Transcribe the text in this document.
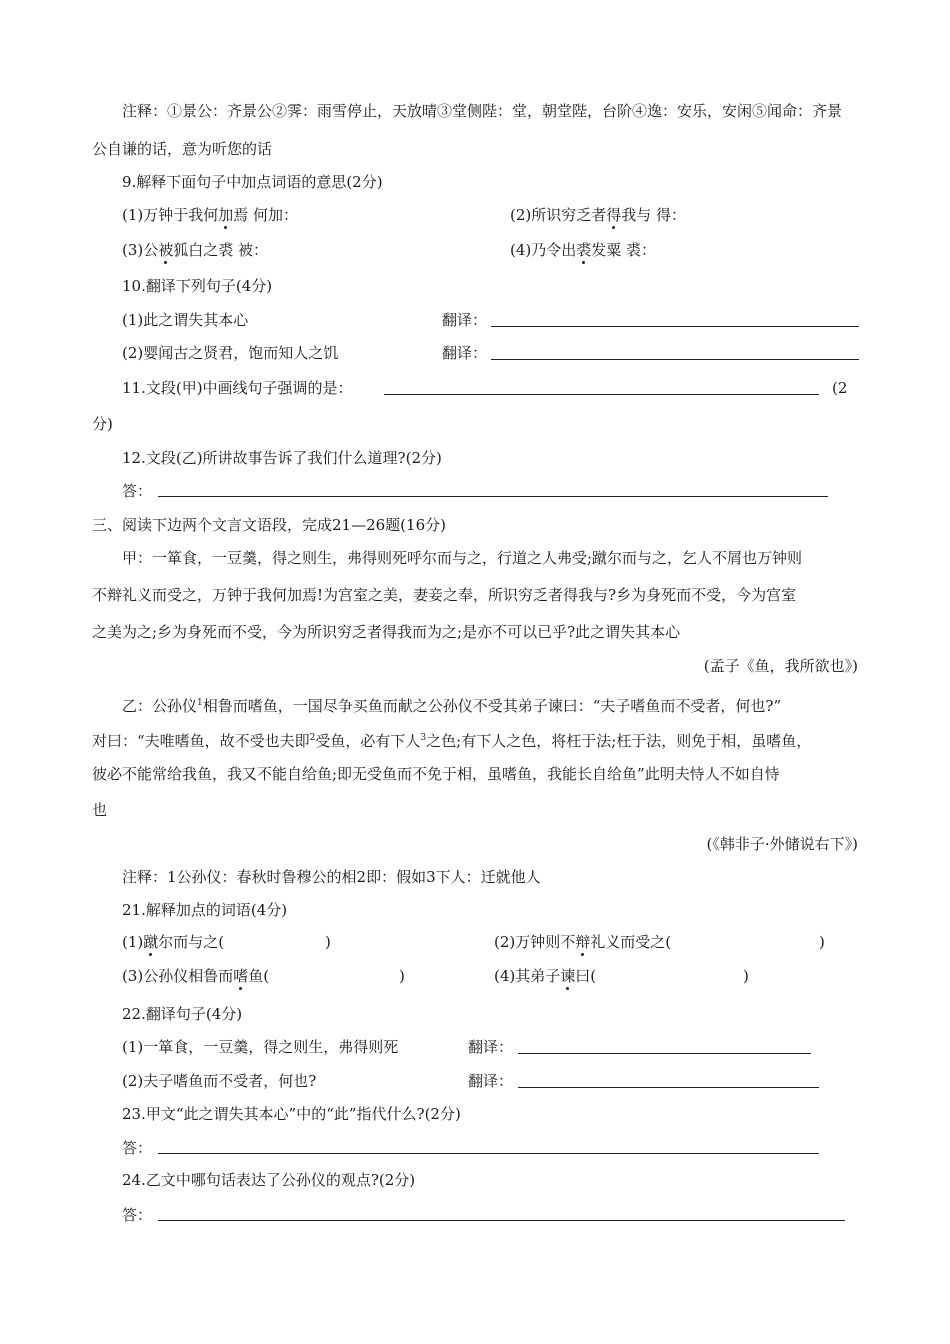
注释：①景公：齐景公②霁：雨雪停止，天放晴③堂侧陛：堂，朝堂陛，台阶④逸：安乐，安闲⑤闻命：齐景
公自谦的话，意为听您的话
9.解释下面句子中加点词语的意思(2分)
(1)万钟于我何加焉 何加：	(2)所识穷乏者得我与 得：
(3)公被狐白之裘 被：	(4)乃令出裘发粟 裘：
10.翻译下列句子(4分)
(1)此之谓失其本心	翻译：
(2)婴闻古之贤君，饱而知人之饥	翻译：
11.文段(甲)中画线句子强调的是：	(2
分)
12.文段(乙)所讲故事告诉了我们什么道理?(2分)
答：
三、阅读下边两个文言文语段，完成21—26题(16分)
甲：一箪食，一豆羹，得之则生，弗得则死呼尔而与之，行道之人弗受;蹴尔而与之，乞人不屑也万钟则
不辩礼义而受之，万钟于我何加焉!为宫室之美，妻妾之奉，所识穷乏者得我与?乡为身死而不受，今为宫室
之美为之;乡为身死而不受，今为所识穷乏者得我而为之;是亦不可以已乎?此之谓失其本心
(孟子《鱼，我所欲也》)
乙：公孙仪$^1$相鲁而嗜鱼，一国尽争买鱼而献之公孙仪不受其弟子谏曰：“夫子嗜鱼而不受者，何也?”
对曰：“夫唯嗜鱼，故不受也夫即$^2$受鱼，必有下人$^3$之色;有下人之色，将枉于法;枉于法，则免于相，虽嗜鱼，
彼必不能常给我鱼，我又不能自给鱼;即无受鱼而不免于相，虽嗜鱼，我能长自给鱼”此明夫恃人不如自恃
也
(《韩非子·外储说右下》)
注释：1公孙仪：春秋时鲁穆公的相2即：假如3下人：迁就他人
21.解释加点的词语(4分)
(1)蹴尔而与之(	)	(2)万钟则不辩礼义而受之(	)
(3)公孙仪相鲁而嗜鱼(	)	(4)其弟子谏曰(	)
22.翻译句子(4分)
(1)一箪食，一豆羹，得之则生，弗得则死	翻译：
(2)夫子嗜鱼而不受者，何也?	翻译：
23.甲文“此之谓失其本心”中的“此”指代什么?(2分)
答：
24.乙文中哪句话表达了公孙仪的观点?(2分)
答：
